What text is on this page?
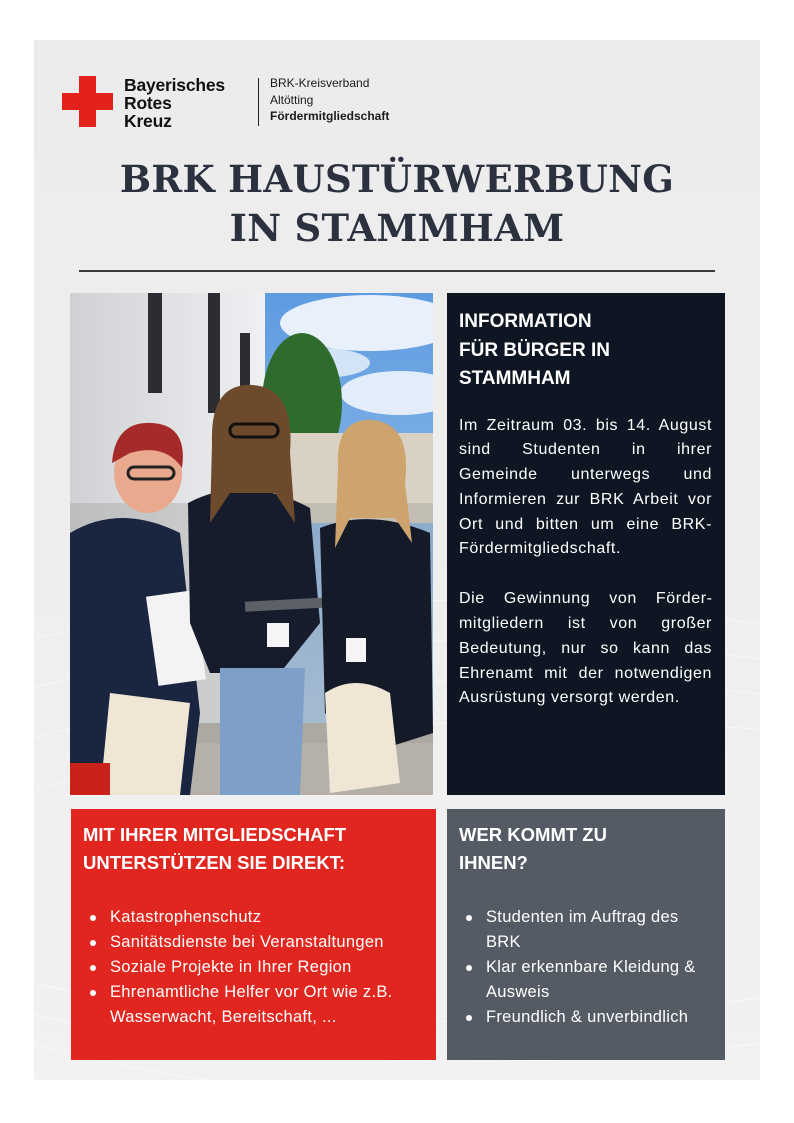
Bayerisches
Rotes
Kreuz
BRK-Kreisverband
Altötting
Fördermitgliedschaft
BRK HAUSTÜRWERBUNG
IN STAMMHAM
INFORMATION
FÜR BÜRGER IN
STAMMHAM

Im Zeitraum 03. bis 14. August sind Studenten in ihrer Gemeinde unterwegs und Informieren zur BRK Arbeit vor Ort und bitten um eine BRK-Fördermitgliedschaft.

Die Gewinnung von Fördermitgliedern ist von großer Bedeutung, nur so kann das Ehrenamt mit der notwendigen Ausrüstung versorgt werden.

MIT IHRER MITGLIEDSCHAFT
UNTERSTÜTZEN SIE DIREKT:
Katastrophenschutz
Sanitätsdienste bei Veranstaltungen
Soziale Projekte in Ihrer Region
Ehrenamtliche Helfer vor Ort wie z.B. Wasserwacht, Bereitschaft, ...
WER KOMMT ZU
IHNEN?
Studenten im Auftrag des BRK
Klar erkennbare Kleidung & Ausweis
Freundlich & unverbindlich
